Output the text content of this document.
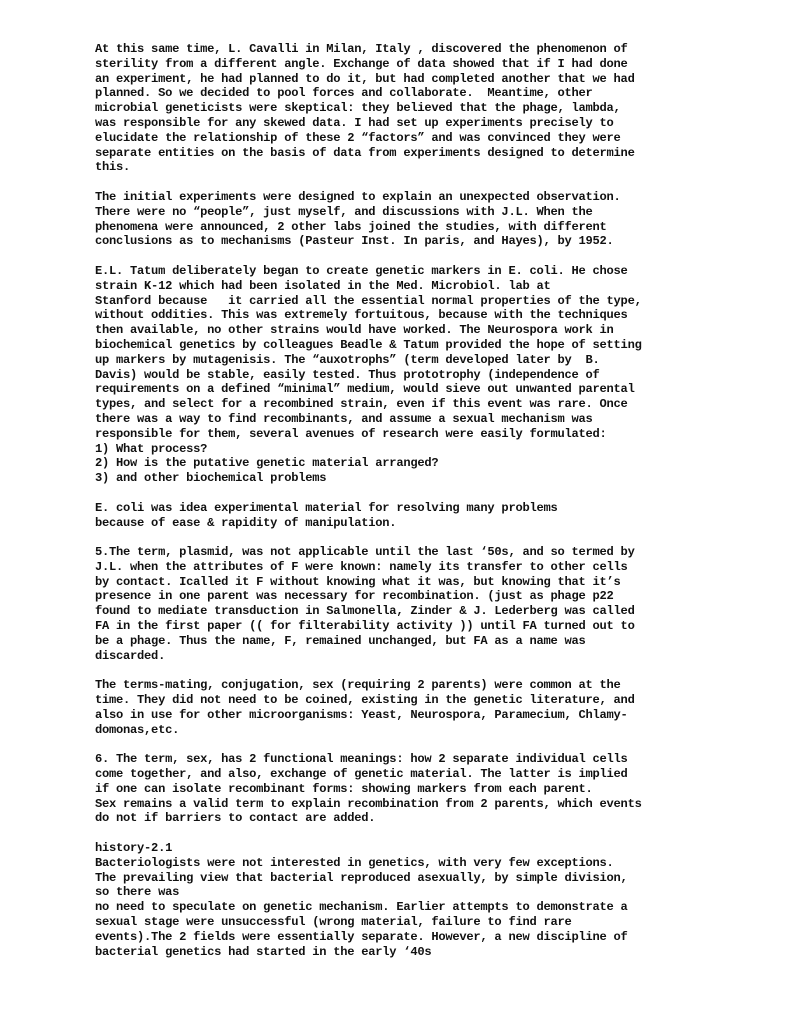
At this same time, L. Cavalli in Milan, Italy , discovered the phenomenon of
sterility from a different angle. Exchange of data showed that if I had done
an experiment, he had planned to do it, but had completed another that we had
planned. So we decided to pool forces and collaborate.  Meantime, other
microbial geneticists were skeptical: they believed that the phage, lambda,
was responsible for any skewed data. I had set up experiments precisely to
elucidate the relationship of these 2 “factors” and was convinced they were
separate entities on the basis of data from experiments designed to determine
this.
The initial experiments were designed to explain an unexpected observation.
There were no “people”, just myself, and discussions with J.L. When the
phenomena were announced, 2 other labs joined the studies, with different
conclusions as to mechanisms (Pasteur Inst. In paris, and Hayes), by 1952.
E.L. Tatum deliberately began to create genetic markers in E. coli. He chose
strain K-12 which had been isolated in the Med. Microbiol. lab at
Stanford because   it carried all the essential normal properties of the type,
without oddities. This was extremely fortuitous, because with the techniques
then available, no other strains would have worked. The Neurospora work in
biochemical genetics by colleagues Beadle & Tatum provided the hope of setting
up markers by mutagenisis. The “auxotrophs” (term developed later by  B.
Davis) would be stable, easily tested. Thus prototrophy (independence of
requirements on a defined “minimal” medium, would sieve out unwanted parental
types, and select for a recombined strain, even if this event was rare. Once
there was a way to find recombinants, and assume a sexual mechanism was
responsible for them, several avenues of research were easily formulated:
1) What process?
2) How is the putative genetic material arranged?
3) and other biochemical problems
E. coli was idea experimental material for resolving many problems
because of ease & rapidity of manipulation.
5.The term, plasmid, was not applicable until the last ‘50s, and so termed by
J.L. when the attributes of F were known: namely its transfer to other cells
by contact. Icalled it F without knowing what it was, but knowing that it’s
presence in one parent was necessary for recombination. (just as phage p22
found to mediate transduction in Salmonella, Zinder & J. Lederberg was called
FA in the first paper (( for filterability activity )) until FA turned out to
be a phage. Thus the name, F, remained unchanged, but FA as a name was
discarded.
The terms-mating, conjugation, sex (requiring 2 parents) were common at the
time. They did not need to be coined, existing in the genetic literature, and
also in use for other microorganisms: Yeast, Neurospora, Paramecium, Chlamy-
domonas,etc.
6. The term, sex, has 2 functional meanings: how 2 separate individual cells
come together, and also, exchange of genetic material. The latter is implied
if one can isolate recombinant forms: showing markers from each parent.
Sex remains a valid term to explain recombination from 2 parents, which events
do not if barriers to contact are added.
history-2.1
Bacteriologists were not interested in genetics, with very few exceptions.
The prevailing view that bacterial reproduced asexually, by simple division,
so there was
no need to speculate on genetic mechanism. Earlier attempts to demonstrate a
sexual stage were unsuccessful (wrong material, failure to find rare
events).The 2 fields were essentially separate. However, a new discipline of
bacterial genetics had started in the early ‘40s
